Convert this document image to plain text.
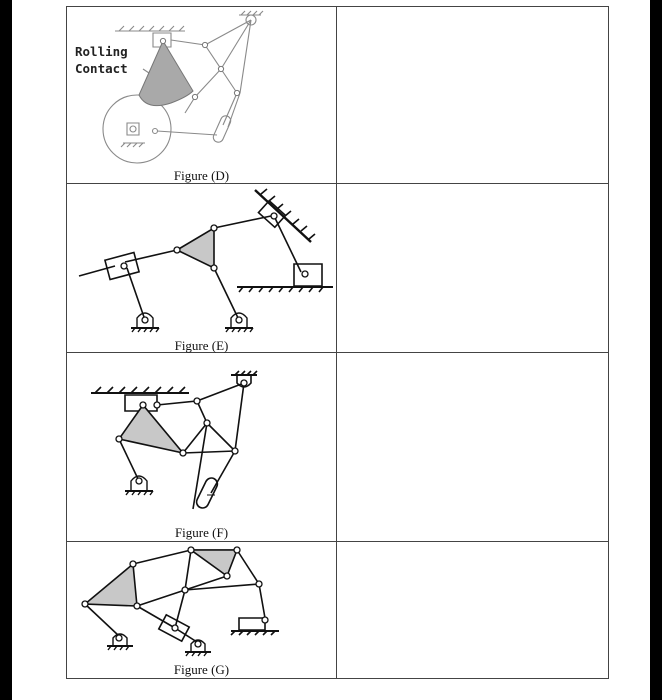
Rolling
Contact
Figure (D)	

Figure (E)	

Figure (F)	

Figure (G)	
